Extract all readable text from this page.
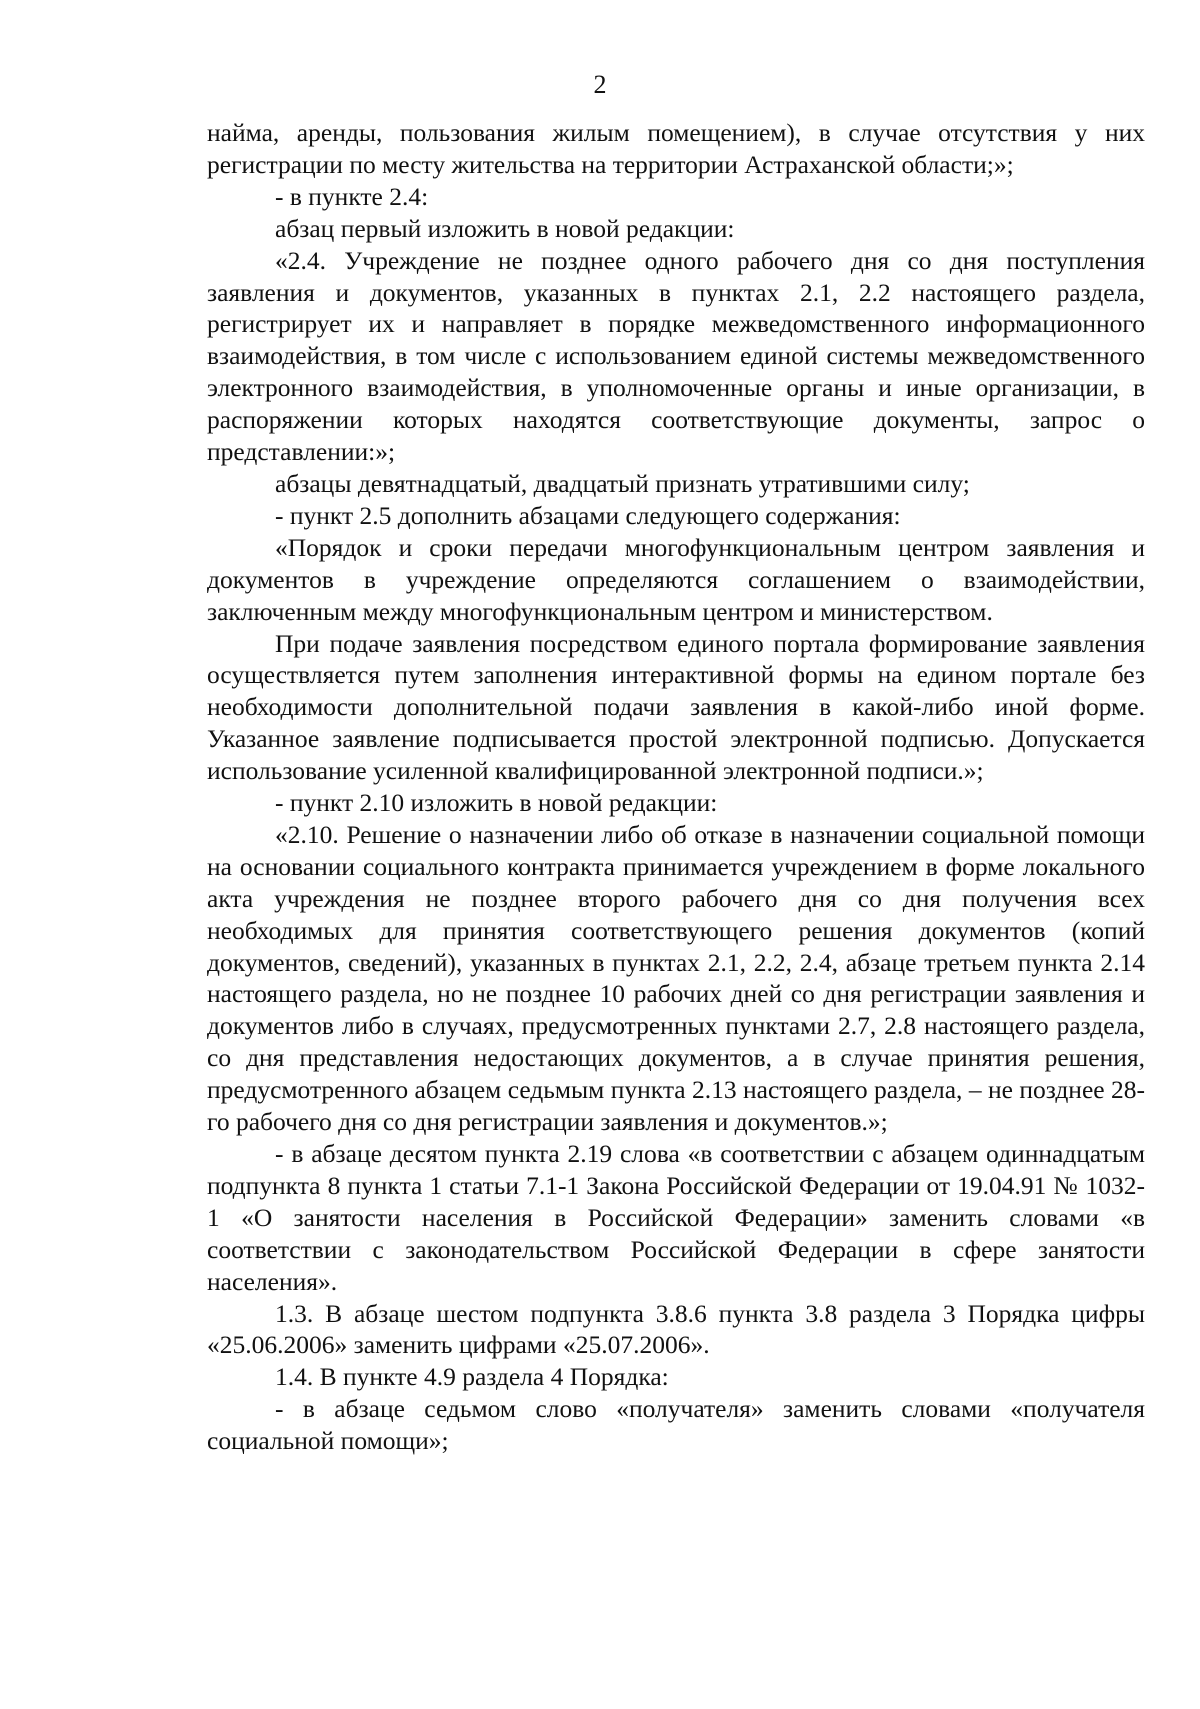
2

найма, аренды, пользования жилым помещением), в случае отсутствия у них регистрации по месту жительства на территории Астраханской области;»;

- в пункте 2.4:

абзац первый изложить в новой редакции:

«2.4. Учреждение не позднее одного рабочего дня со дня поступления заявления и документов, указанных в пунктах 2.1, 2.2 настоящего раздела, регистрирует их и направляет в порядке межведомственного информационного взаимодействия, в том числе с использованием единой системы межведомственного электронного взаимодействия, в уполномоченные органы и иные организации, в распоряжении которых находятся соответствующие документы, запрос о представлении:»;

абзацы девятнадцатый, двадцатый признать утратившими силу;

- пункт 2.5 дополнить абзацами следующего содержания:

«Порядок и сроки передачи многофункциональным центром заявления и документов в учреждение определяются соглашением о взаимодействии, заключенным между многофункциональным центром и министерством.

При подаче заявления посредством единого портала формирование заявления осуществляется путем заполнения интерактивной формы на едином портале без необходимости дополнительной подачи заявления в какой-либо иной форме. Указанное заявление подписывается простой электронной подписью. Допускается использование усиленной квалифицированной электронной подписи.»;

- пункт 2.10 изложить в новой редакции:

«2.10. Решение о назначении либо об отказе в назначении социальной помощи на основании социального контракта принимается учреждением в форме локального акта учреждения не позднее второго рабочего дня со дня получения всех необходимых для принятия соответствующего решения документов (копий документов, сведений), указанных в пунктах 2.1, 2.2, 2.4, абзаце третьем пункта 2.14 настоящего раздела, но не позднее 10 рабочих дней со дня регистрации заявления и документов либо в случаях, предусмотренных пунктами 2.7, 2.8 настоящего раздела, со дня представления недостающих документов, а в случае принятия решения, предусмотренного абзацем седьмым пункта 2.13 настоящего раздела, – не позднее 28-го рабочего дня со дня регистрации заявления и документов.»;

- в абзаце десятом пункта 2.19 слова «в соответствии с абзацем одиннадцатым подпункта 8 пункта 1 статьи 7.1-1 Закона Российской Федерации от 19.04.91 № 1032-1 «О занятости населения в Российской Федерации» заменить словами «в соответствии с законодательством Российской Федерации в сфере занятости населения».

1.3. В абзаце шестом подпункта 3.8.6 пункта 3.8 раздела 3 Порядка цифры «25.06.2006» заменить цифрами «25.07.2006».

1.4. В пункте 4.9 раздела 4 Порядка:

- в абзаце седьмом слово «получателя» заменить словами «получателя социальной помощи»;
